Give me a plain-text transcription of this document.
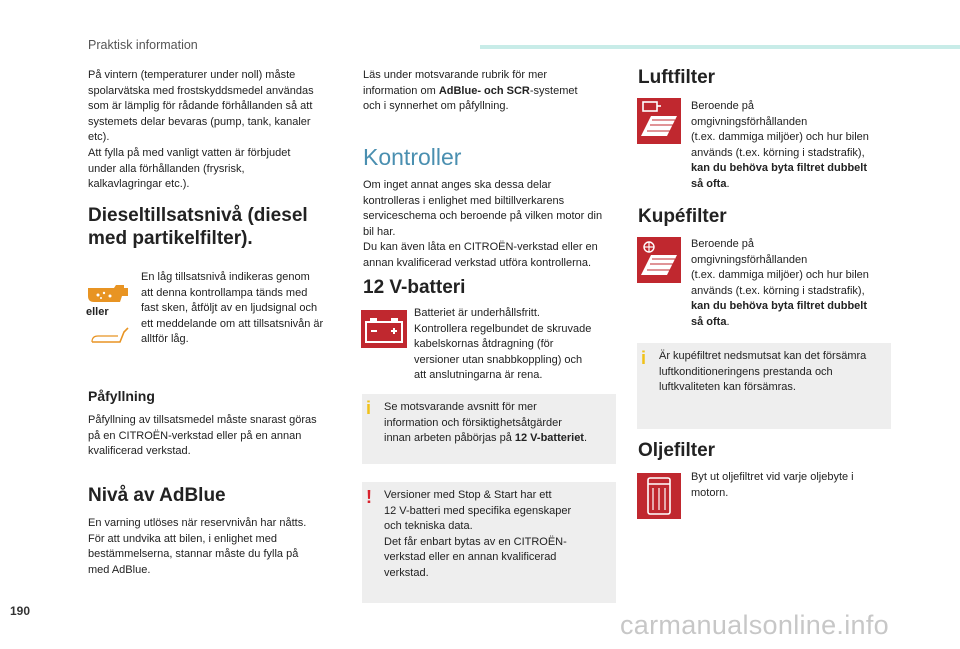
Praktisk information
På vintern (temperaturer under noll) måste
spolarvätska med frostskyddsmedel användas
som är lämplig för rådande förhållanden så att
systemets delar bevaras (pump, tank, kanaler
etc).
Att fylla på med vanligt vatten är förbjudet
under alla förhållanden (frysrisk,
kalkavlagringar etc.).
Dieseltillsatsnivå (diesel
med partikelfilter).
eller
En låg tillsatsnivå indikeras genom
att denna kontrollampa tänds med
fast sken, åtföljt av en ljudsignal och
ett meddelande om att tillsatsnivån är
alltför låg.
Påfyllning
Påfyllning av tillsatsmedel måste snarast göras
på en CITROËN-verkstad eller på en annan
kvalificerad verkstad.
Nivå av AdBlue
En varning utlöses när reservnivån har nåtts.
För att undvika att bilen, i enlighet med
bestämmelserna, stannar måste du fylla på
med AdBlue.
Läs under motsvarande rubrik för mer
information om AdBlue- och SCR-systemet
och i synnerhet om påfyllning.
Kontroller
Om inget annat anges ska dessa delar
kontrolleras i enlighet med biltillverkarens
serviceschema och beroende på vilken motor din
bil har.
Du kan även låta en CITROËN-verkstad eller en
annan kvalificerad verkstad utföra kontrollerna.
12 V-batteri
Batteriet är underhållsfritt.
Kontrollera regelbundet de skruvade
kabelskornas åtdragning (för
versioner utan snabbkoppling) och
att anslutningarna är rena.
i Se motsvarande avsnitt för mer
information och försiktighetsåtgärder
innan arbeten påbörjas på 12 V-batteriet.
! Versioner med Stop & Start har ett
12 V-batteri med specifika egenskaper
och tekniska data.
Det får enbart bytas av en CITROËN-
verkstad eller en annan kvalificerad
verkstad.
Luftfilter
Beroende på
omgivningsförhållanden
(t.ex. dammiga miljöer) och hur bilen
används (t.ex. körning i stadstrafik),
kan du behöva byta filtret dubbelt
så ofta.
Kupéfilter
Beroende på
omgivningsförhållanden
(t.ex. dammiga miljöer) och hur bilen
används (t.ex. körning i stadstrafik),
kan du behöva byta filtret dubbelt
så ofta.
i Är kupéfiltret nedsmutsat kan det försämra
luftkonditioneringens prestanda och
luftkvaliteten kan försämras.
Oljefilter
Byt ut oljefiltret vid varje oljebyte i
motorn.
190	carmanualsonline.info
